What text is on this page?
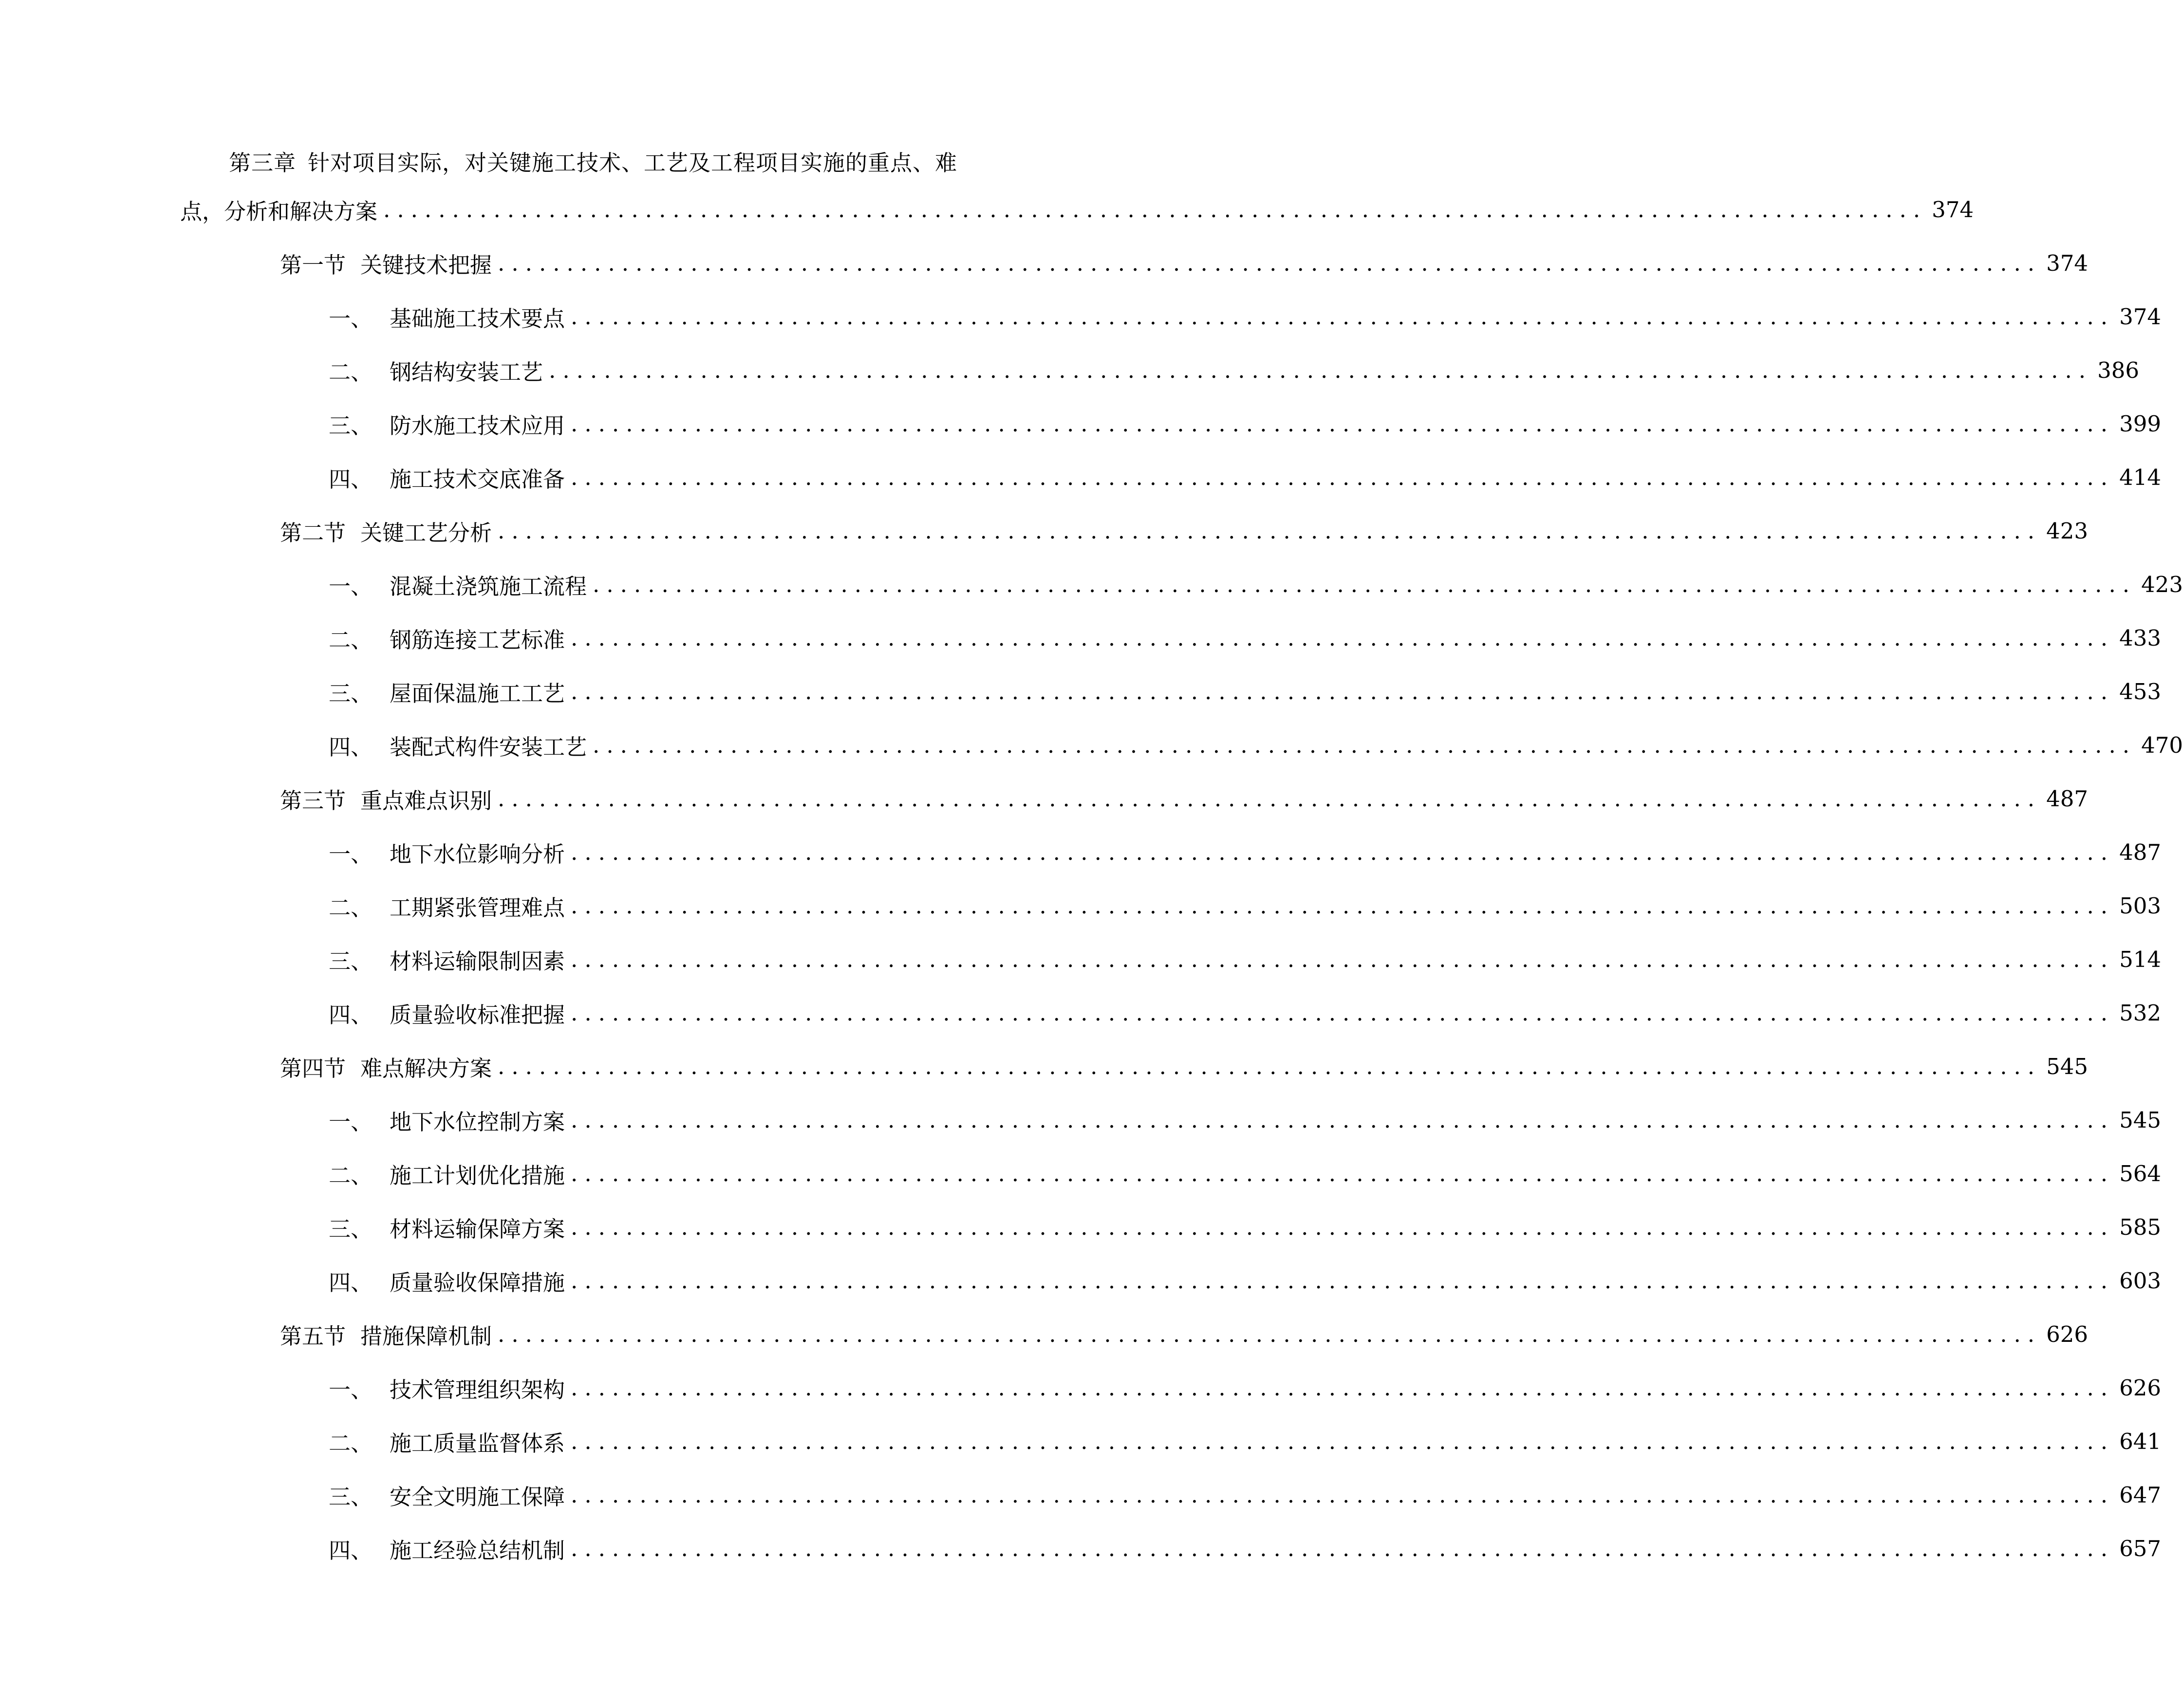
第三章 针对项目实际，对关键施工技术、工艺及工程项目实施的重点、难
点，分析和解决方案 ................................................................................................................ 374
第一节 关键技术把握 ................................................................................................................ 374
一、 基础施工技术要点 ................................................................................................................ 374
二、 钢结构安装工艺 ................................................................................................................ 386
三、 防水施工技术应用 ................................................................................................................ 399
四、 施工技术交底准备 ................................................................................................................ 414
第二节 关键工艺分析 ................................................................................................................ 423
一、 混凝土浇筑施工流程 ................................................................................................................ 423
二、 钢筋连接工艺标准 ................................................................................................................ 433
三、 屋面保温施工工艺 ................................................................................................................ 453
四、 装配式构件安装工艺 ................................................................................................................ 470
第三节 重点难点识别 ................................................................................................................ 487
一、 地下水位影响分析 ................................................................................................................ 487
二、 工期紧张管理难点 ................................................................................................................ 503
三、 材料运输限制因素 ................................................................................................................ 514
四、 质量验收标准把握 ................................................................................................................ 532
第四节 难点解决方案 ................................................................................................................ 545
一、 地下水位控制方案 ................................................................................................................ 545
二、 施工计划优化措施 ................................................................................................................ 564
三、 材料运输保障方案 ................................................................................................................ 585
四、 质量验收保障措施 ................................................................................................................ 603
第五节 措施保障机制 ................................................................................................................ 626
一、 技术管理组织架构 ................................................................................................................ 626
二、 施工质量监督体系 ................................................................................................................ 641
三、 安全文明施工保障 ................................................................................................................ 647
四、 施工经验总结机制 ................................................................................................................ 657
